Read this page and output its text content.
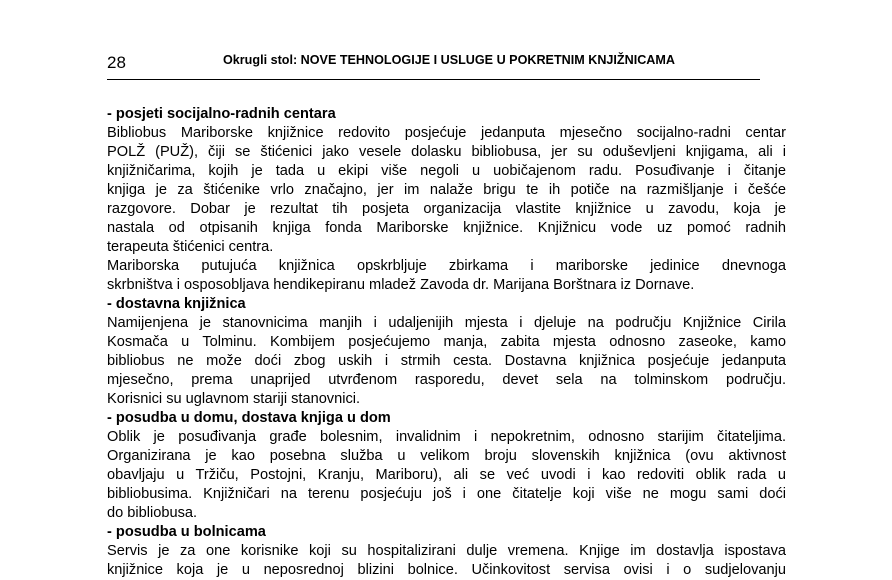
28	Okrugli stol: NOVE TEHNOLOGIJE I USLUGE U POKRETNIM KNJIŽNICAMA
- posjeti socijalno-radnih centara
Bibliobus Mariborske knjižnice redovito posjećuje jedanputa mjesečno socijalno-radni centar
POLŽ (PUŽ), čiji se štićenici jako vesele dolasku bibliobusa, jer su oduševljeni knjigama, ali i
knjižničarima, kojih je tada u ekipi više negoli u uobičajenom radu. Posuđivanje i čitanje
knjiga je za štićenike vrlo značajno, jer im nalaže brigu te ih potiče na razmišljanje i češće
razgovore. Dobar je rezultat tih posjeta organizacija vlastite knjižnice u zavodu, koja je
nastala od otpisanih knjiga fonda Mariborske knjižnice. Knjižnicu vode uz pomoć radnih
terapeuta štićenici centra.
Mariborska putujuća knjižnica opskrbljuje zbirkama i mariborske jedinice dnevnoga
skrbništva i osposobljava hendikepiranu mladež Zavoda dr. Marijana Borštnara iz Dornave.
- dostavna knjižnica
Namijenjena je stanovnicima manjih i udaljenijih mjesta i djeluje na području Knjižnice Cirila
Kosmača u Tolminu. Kombijem posjećujemo manja, zabita mjesta odnosno zaseoke, kamo
bibliobus ne može doći zbog uskih i strmih cesta. Dostavna knjižnica posjećuje jedanputa
mjesečno, prema unaprijed utvrđenom rasporedu, devet sela na tolminskom području.
Korisnici su uglavnom stariji stanovnici.
- posudba u domu, dostava knjiga u dom
Oblik je posuđivanja građe bolesnim, invalidnim i nepokretnim, odnosno starijim čitateljima.
Organizirana je kao posebna služba u velikom broju slovenskih knjižnica (ovu aktivnost
obavljaju u Tržiču, Postojni, Kranju, Mariboru), ali se već uvodi i kao redoviti oblik rada u
bibliobusima. Knjižničari na terenu posjećuju još i one čitatelje koji više ne mogu sami doći
do bibliobusa.
- posudba u bolnicama
Servis je za one korisnike koji su hospitalizirani dulje vremena. Knjige im dostavlja ispostava
knjižnice koja je u neposrednoj blizini bolnice. Učinkovitost servisa ovisi i o sudjelovanju
